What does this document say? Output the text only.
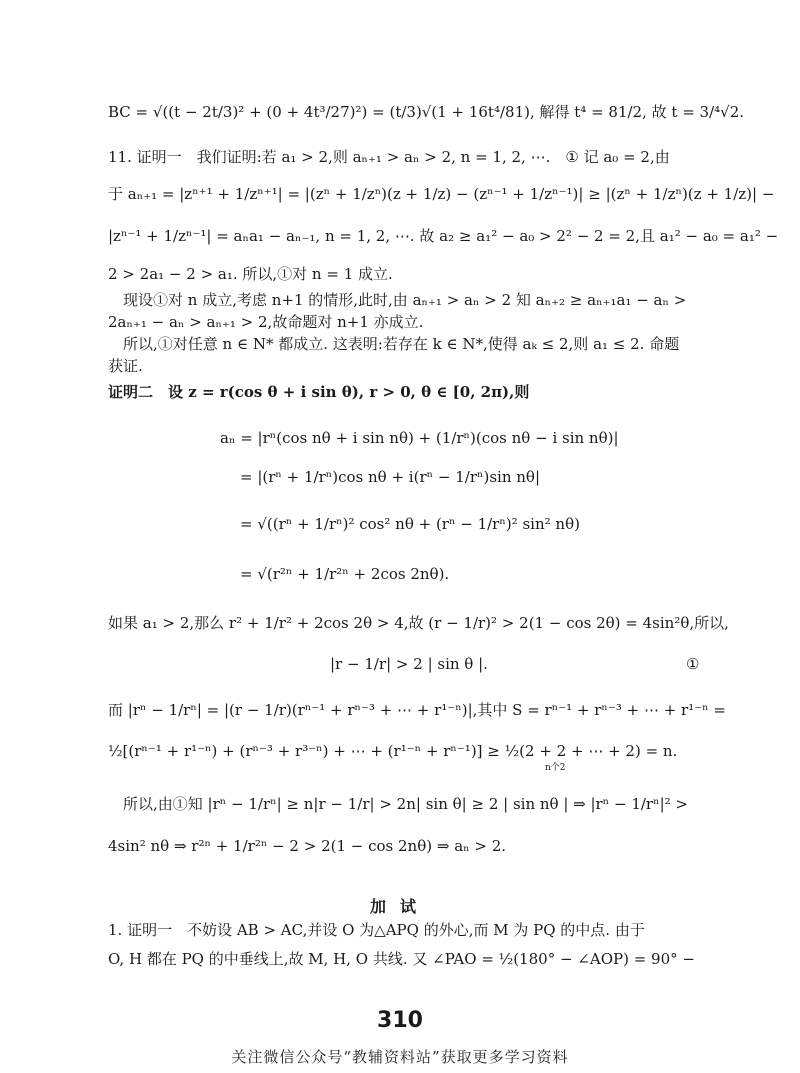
BC = √((t − 2t/3)² + (0 + 4t³/27)²) = (t/3)√(1 + 16t⁴/81), 解得 t⁴ = 81/2, 故 t = 3/⁴√2.
11. 证明一　我们证明:若 a₁ > 2,则 aₙ₊₁ > aₙ > 2, n = 1, 2, ⋯.　① 记 a₀ = 2,由
于 aₙ₊₁ = |zⁿ⁺¹ + 1/zⁿ⁺¹| = |(zⁿ + 1/zⁿ)(z + 1/z) − (zⁿ⁻¹ + 1/zⁿ⁻¹)| ≥ |(zⁿ + 1/zⁿ)(z + 1/z)| −
|zⁿ⁻¹ + 1/zⁿ⁻¹| = aₙa₁ − aₙ₋₁, n = 1, 2, ⋯. 故 a₂ ≥ a₁² − a₀ > 2² − 2 = 2,且 a₁² − a₀ = a₁² −
2 > 2a₁ − 2 > a₁. 所以,①对 n = 1 成立.
　现设①对 n 成立,考虑 n+1 的情形,此时,由 aₙ₊₁ > aₙ > 2 知 aₙ₊₂ ≥ aₙ₊₁a₁ − aₙ >
2aₙ₊₁ − aₙ > aₙ₊₁ > 2,故命题对 n+1 亦成立.
　所以,①对任意 n ∈ N* 都成立. 这表明:若存在 k ∈ N*,使得 aₖ ≤ 2,则 a₁ ≤ 2. 命题
获证.
证明二　设 z = r(cos θ + i sin θ), r > 0, θ ∈ [0, 2π),则
aₙ = |rⁿ(cos nθ + i sin nθ) + (1/rⁿ)(cos nθ − i sin nθ)|
= |(rⁿ + 1/rⁿ)cos nθ + i(rⁿ − 1/rⁿ)sin nθ|
= √((rⁿ + 1/rⁿ)² cos² nθ + (rⁿ − 1/rⁿ)² sin² nθ)
= √(r²ⁿ + 1/r²ⁿ + 2cos 2nθ).
如果 a₁ > 2,那么 r² + 1/r² + 2cos 2θ > 4,故 (r − 1/r)² > 2(1 − cos 2θ) = 4sin²θ,所以,
|r − 1/r| > 2 | sin θ |.	①
而 |rⁿ − 1/rⁿ| = |(r − 1/r)(rⁿ⁻¹ + rⁿ⁻³ + ⋯ + r¹⁻ⁿ)|,其中 S = rⁿ⁻¹ + rⁿ⁻³ + ⋯ + r¹⁻ⁿ =
½[(rⁿ⁻¹ + r¹⁻ⁿ) + (rⁿ⁻³ + r³⁻ⁿ) + ⋯ + (r¹⁻ⁿ + rⁿ⁻¹)] ≥ ½(2 + 2 + ⋯ + 2) = n.
n个2
　所以,由①知 |rⁿ − 1/rⁿ| ≥ n|r − 1/r| > 2n| sin θ| ≥ 2 | sin nθ | ⇒ |rⁿ − 1/rⁿ|² >
4sin² nθ ⇒ r²ⁿ + 1/r²ⁿ − 2 > 2(1 − cos 2nθ) ⇒ aₙ > 2.
加试
1. 证明一　不妨设 AB > AC,并设 O 为△APQ 的外心,而 M 为 PQ 的中点. 由于
O, H 都在 PQ 的中垂线上,故 M, H, O 共线. 又 ∠PAO = ½(180° − ∠AOP) = 90° −
310
关注微信公众号“教辅资料站”获取更多学习资料
